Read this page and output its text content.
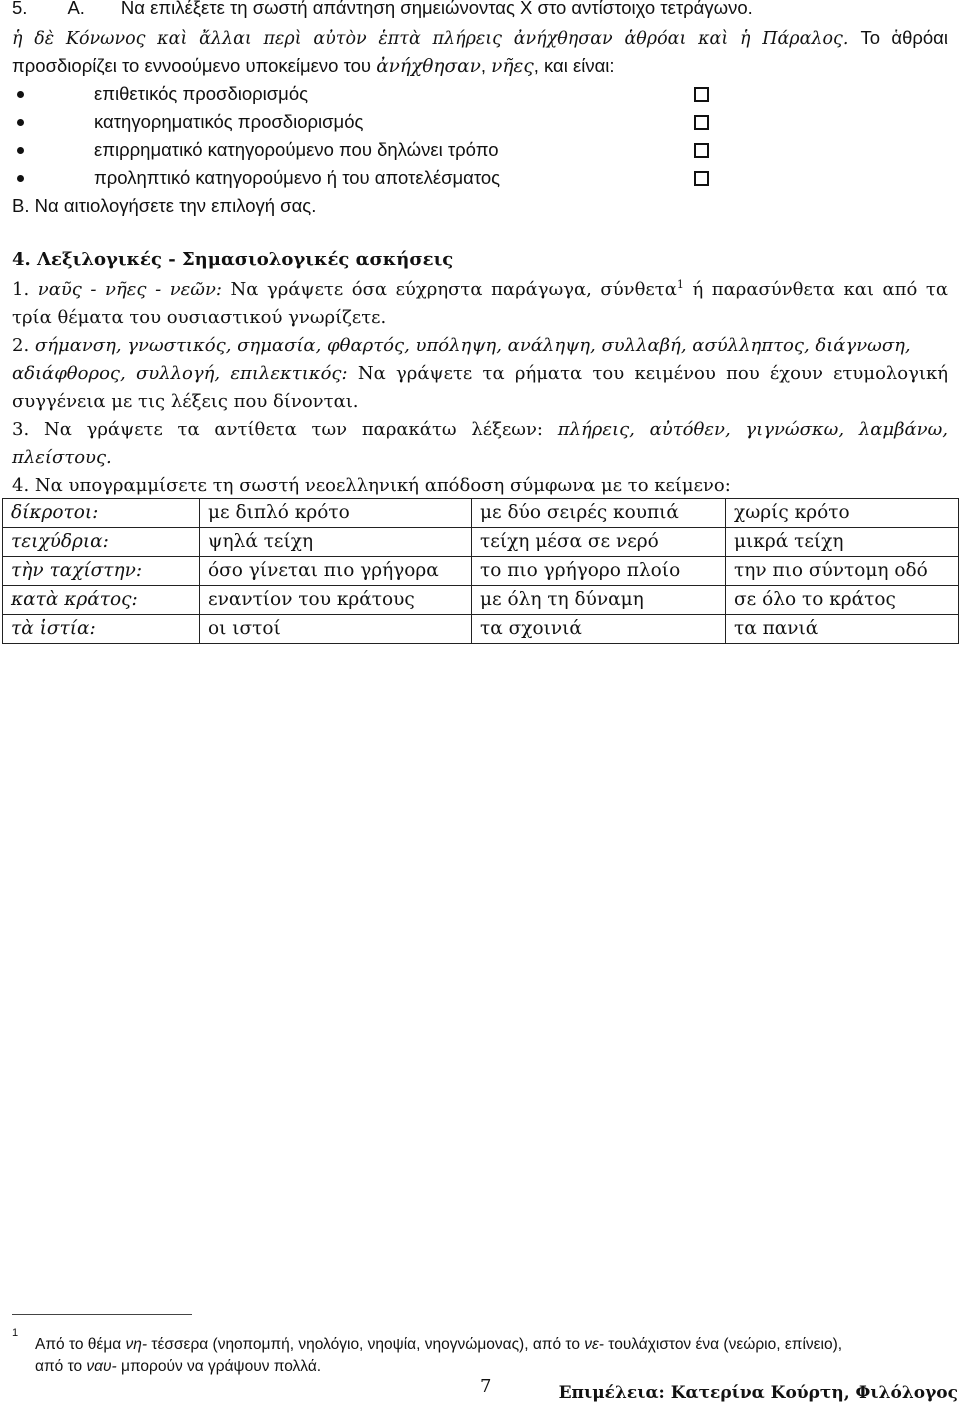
5. Α. Να επιλέξετε τη σωστή απάντηση σημειώνοντας Χ στο αντίστοιχο τετράγωνο.
ἡ δὲ Κόνωνος καὶ ἄλλαι περὶ αὐτὸν ἑπτὰ πλήρεις ἀνήχθησαν ἁθρόαι καὶ ἡ Πάραλος. Το ἁθρόαι
προσδιορίζει το εννοούμενο υποκείμενο του ἀνήχθησαν, νῆες, και είναι:
επιθετικός προσδιορισμός
κατηγορηματικός προσδιορισμός
επιρρηματικό κατηγορούμενο που δηλώνει τρόπο
προληπτικό κατηγορούμενο ή του αποτελέσματος
Β. Να αιτιολογήσετε την επιλογή σας.
4. Λεξιλογικές - Σημασιολογικές ασκήσεις
1. ναῦς - νῆες - νεῶν: Να γράψετε όσα εύχρηστα παράγωγα, σύνθετα$^1$ ή παρασύνθετα και από τα
τρία θέματα του ουσιαστικού γνωρίζετε.
2. σήμανση, γνωστικός, σημασία, φθαρτός, υπόληψη, ανάληψη, συλλαβή, ασύλληπτος, διάγνωση,
αδιάφθορος, συλλογή, επιλεκτικός: Να γράψετε τα ρήματα του κειμένου που έχουν ετυμολογική
συγγένεια με τις λέξεις που δίνονται.
3. Να γράψετε τα αντίθετα των παρακάτω λέξεων: πλήρεις, αὐτόθεν, γιγνώσκω, λαμβάνω,
πλείστους.
4. Να υπογραμμίσετε τη σωστή νεοελληνική απόδοση σύμφωνα με το κείμενο:
δίκροτοι:	με διπλό κρότο	με δύο σειρές κουπιά	χωρίς κρότο
τειχύδρια:	ψηλά τείχη	τείχη μέσα σε νερό	μικρά τείχη
τὴν ταχίστην:	όσο γίνεται πιο γρήγορα	το πιο γρήγορο πλοίο	την πιο σύντομη οδό
κατὰ κράτος:	εναντίον του κράτους	με όλη τη δύναμη	σε όλο το κράτος
τὰ ἱστία:	οι ιστοί	τα σχοινιά	τα πανιά
1
Από το θέμα νη- τέσσερα (νηοπομπή, νηολόγιο, νηοψία, νηογνώμονας), από το νε- τουλάχιστον ένα (νεώριο, επίνειο),
από το ναυ- μπορούν να γράψουν πολλά.
7	Επιμέλεια: Κατερίνα Κούρτη, Φιλόλογος
